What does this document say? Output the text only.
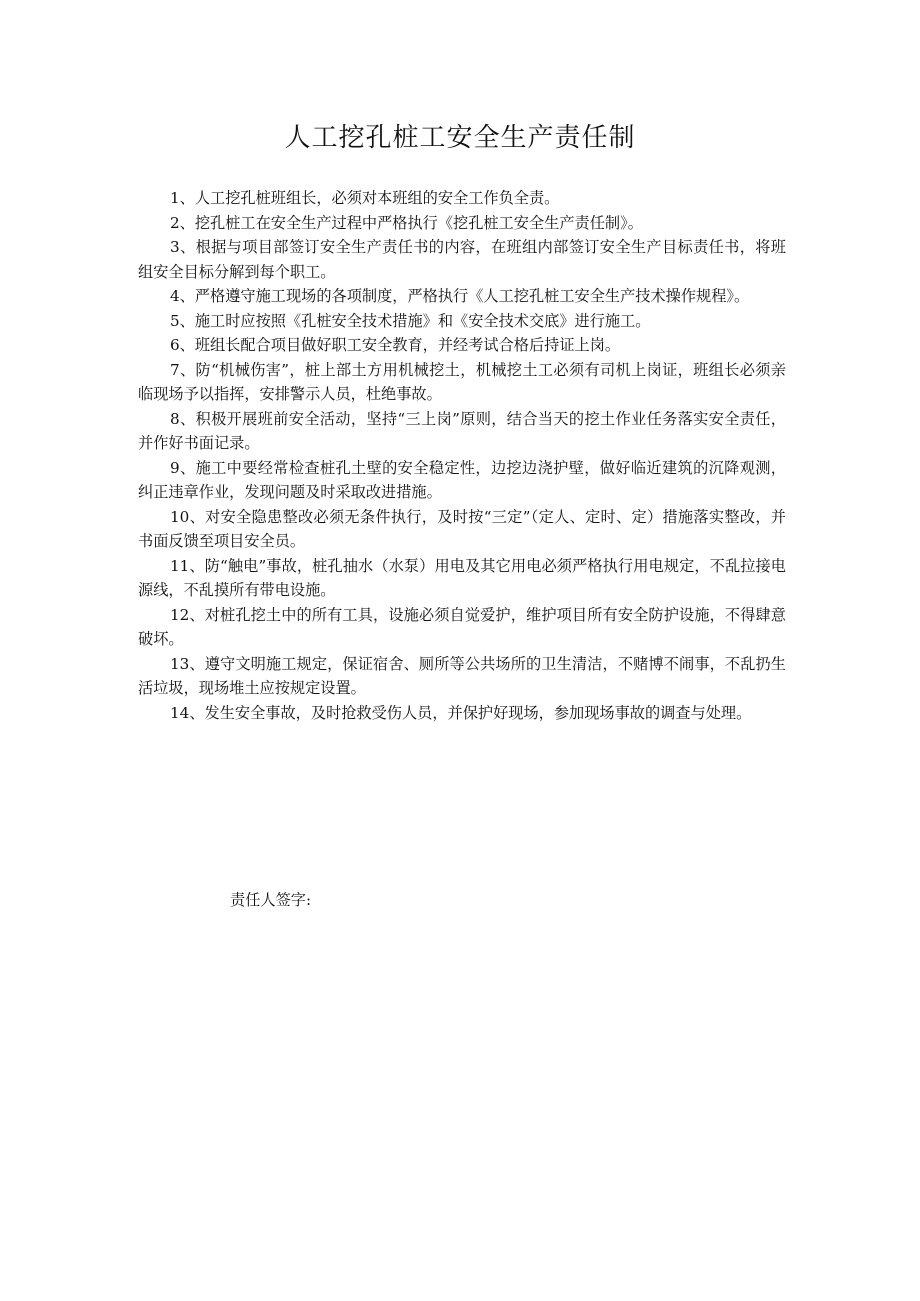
人工挖孔桩工安全生产责任制

1、人工挖孔桩班组长，必须对本班组的安全工作负全责。

2、挖孔桩工在安全生产过程中严格执行《挖孔桩工安全生产责任制》。

3、根据与项目部签订安全生产责任书的内容，在班组内部签订安全生产目标责任书，将班组安全目标分解到每个职工。

4、严格遵守施工现场的各项制度，严格执行《人工挖孔桩工安全生产技术操作规程》。

5、施工时应按照《孔桩安全技术措施》和《安全技术交底》进行施工。

6、班组长配合项目做好职工安全教育，并经考试合格后持证上岗。

7、防“机械伤害”，桩上部土方用机械挖土，机械挖土工必须有司机上岗证，班组长必须亲临现场予以指挥，安排警示人员，杜绝事故。

8、积极开展班前安全活动，坚持“三上岗”原则，结合当天的挖土作业任务落实安全责任，并作好书面记录。

9、施工中要经常检查桩孔土壁的安全稳定性，边挖边浇护壁，做好临近建筑的沉降观测，纠正违章作业，发现问题及时采取改进措施。

10、对安全隐患整改必须无条件执行，及时按“三定”（定人、定时、定）措施落实整改，并书面反馈至项目安全员。

11、防“触电”事故，桩孔抽水（水泵）用电及其它用电必须严格执行用电规定，不乱拉接电源线，不乱摸所有带电设施。

12、对桩孔挖土中的所有工具，设施必须自觉爱护，维护项目所有安全防护设施，不得肆意破坏。

13、遵守文明施工规定，保证宿舍、厕所等公共场所的卫生清洁，不赌博不闹事，不乱扔生活垃圾，现场堆土应按规定设置。

14、发生安全事故，及时抢救受伤人员，并保护好现场，参加现场事故的调查与处理。

责任人签字:
